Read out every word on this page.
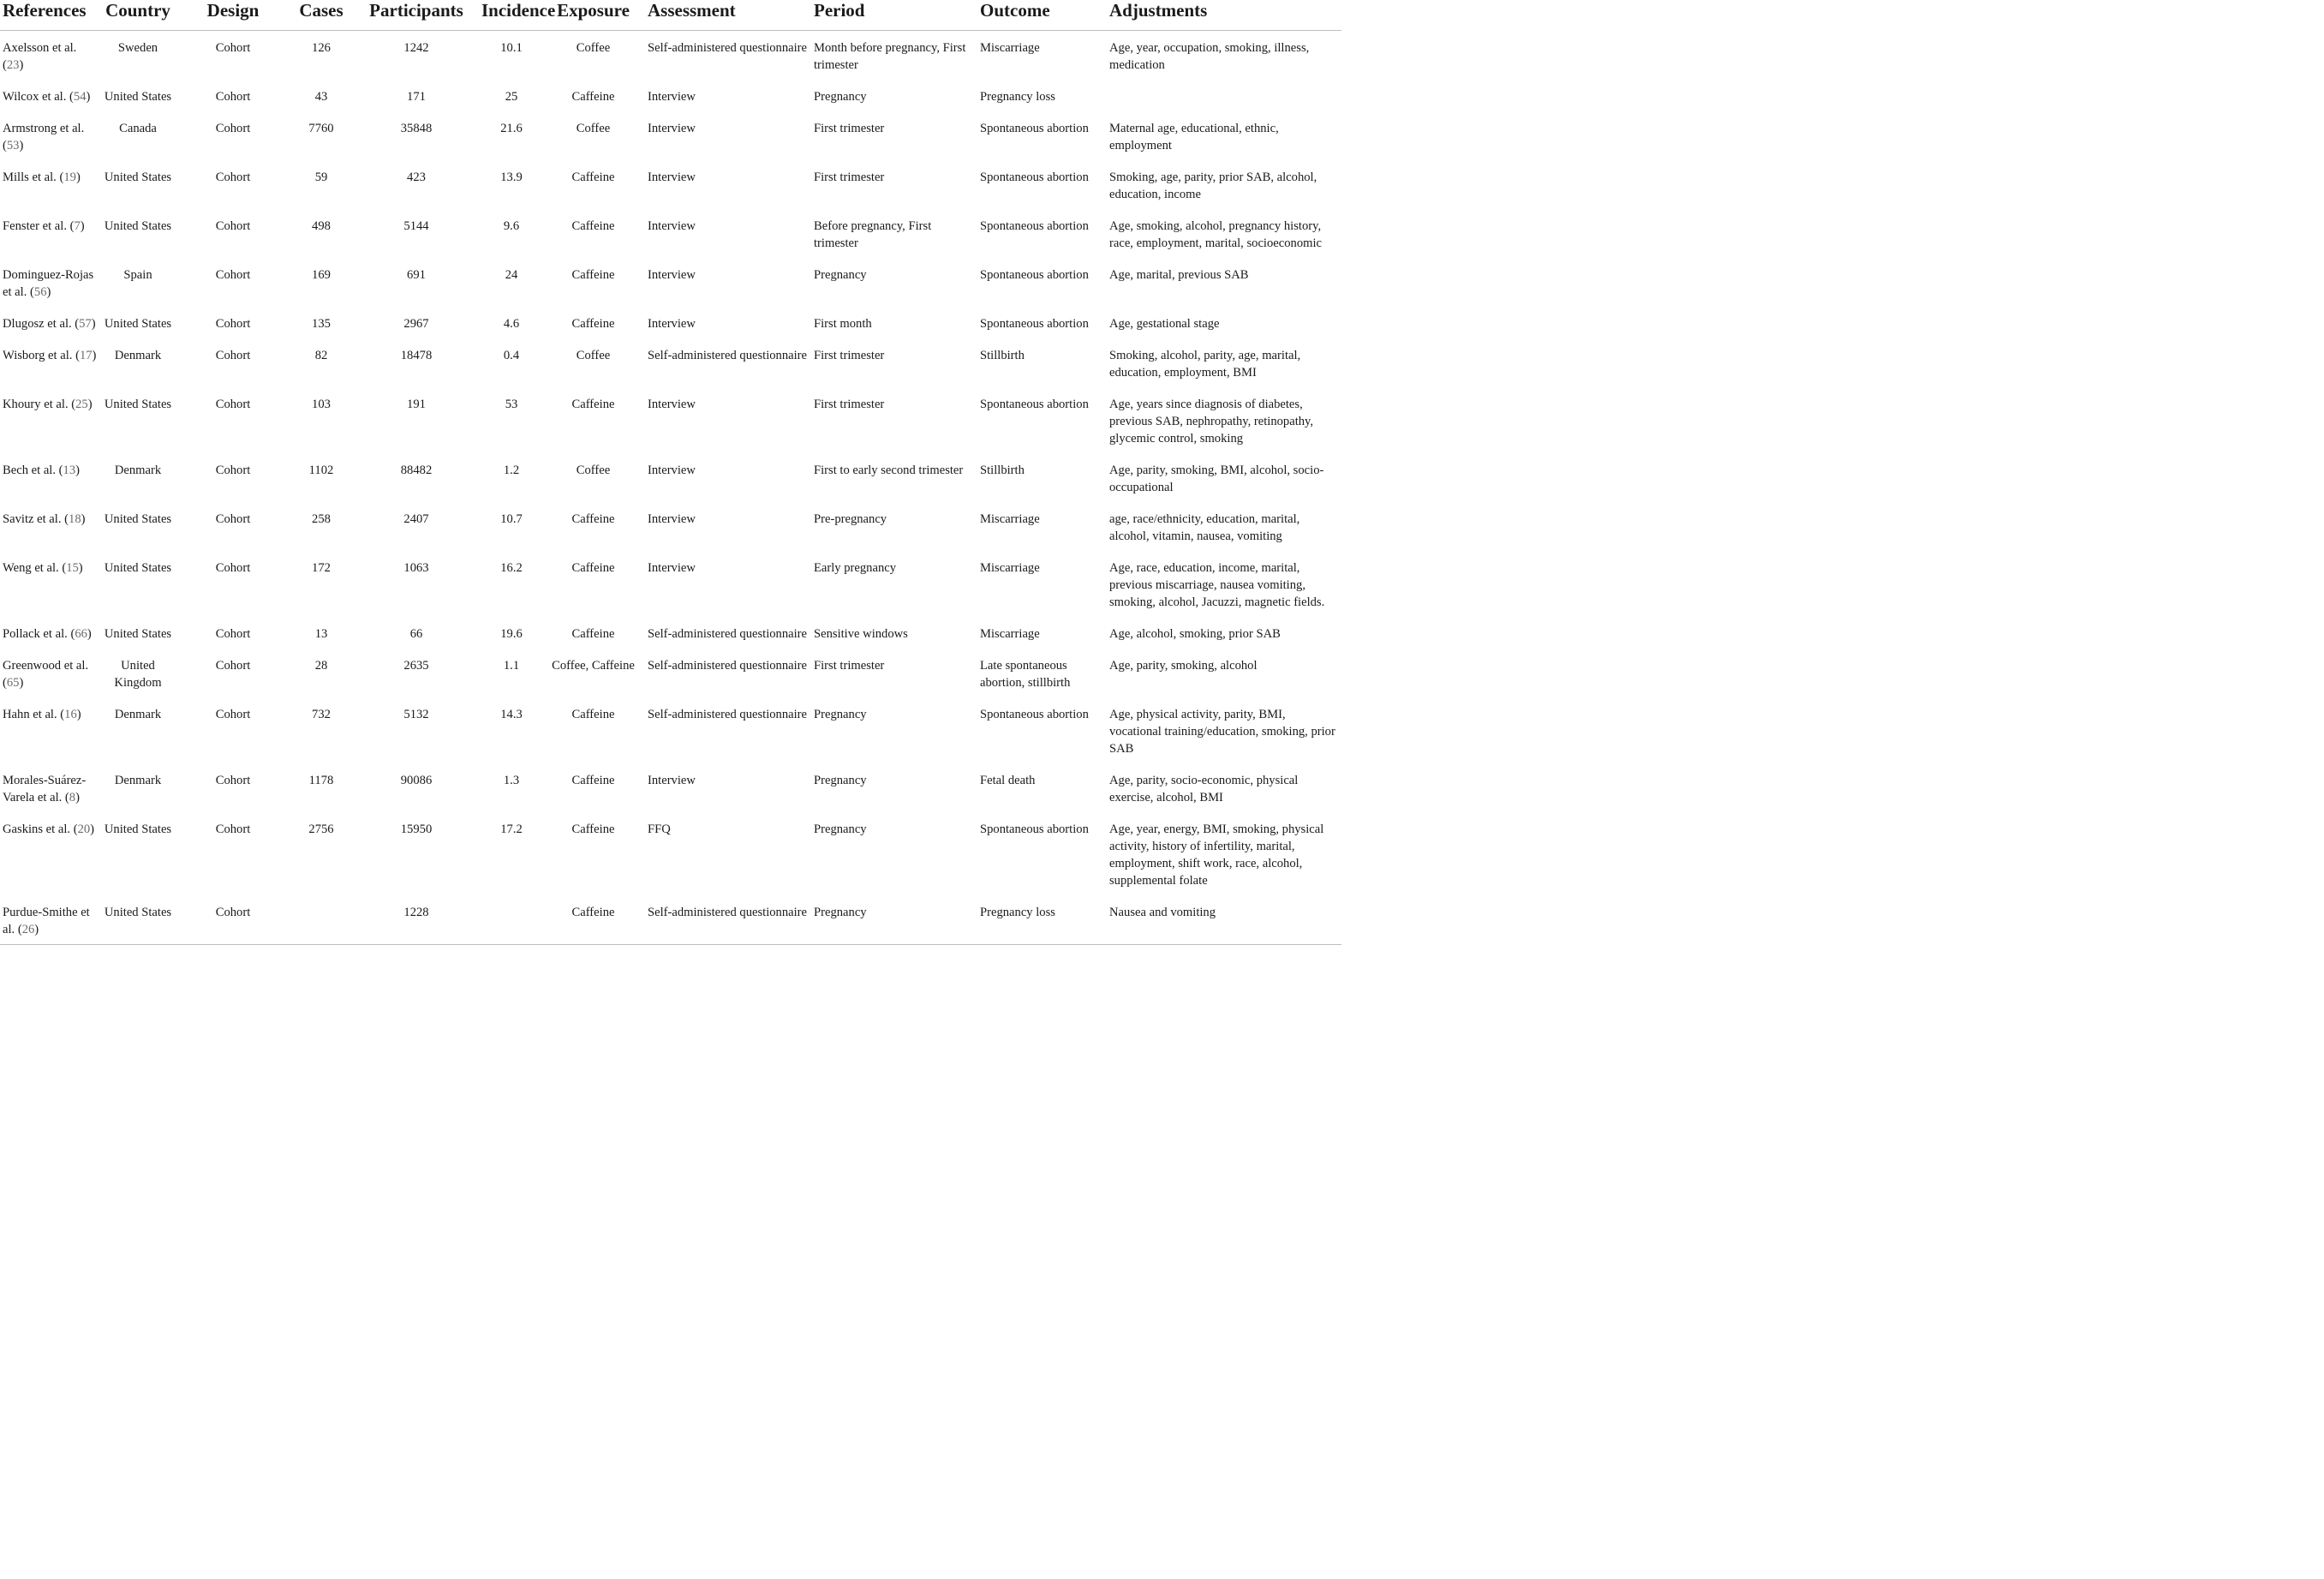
References	Country	Design	Cases	Participants	Incidence	Exposure	Assessment	Period	Outcome	Adjustments
Axelsson et al. (23)	Sweden	Cohort	126	1242	10.1	Coffee	Self-administered questionnaire	Month before pregnancy, First trimester	Miscarriage	Age, year, occupation, smoking, illness, medication
Wilcox et al. (54)	United States	Cohort	43	171	25	Caffeine	Interview	Pregnancy	Pregnancy loss	
Armstrong et al. (53)	Canada	Cohort	7760	35848	21.6	Coffee	Interview	First trimester	Spontaneous abortion	Maternal age, educational, ethnic, employment
Mills et al. (19)	United States	Cohort	59	423	13.9	Caffeine	Interview	First trimester	Spontaneous abortion	Smoking, age, parity, prior SAB, alcohol, education, income
Fenster et al. (7)	United States	Cohort	498	5144	9.6	Caffeine	Interview	Before pregnancy, First trimester	Spontaneous abortion	Age, smoking, alcohol, pregnancy history, race, employment, marital, socioeconomic
Dominguez-Rojas et al. (56)	Spain	Cohort	169	691	24	Caffeine	Interview	Pregnancy	Spontaneous abortion	Age, marital, previous SAB
Dlugosz et al. (57)	United States	Cohort	135	2967	4.6	Caffeine	Interview	First month	Spontaneous abortion	Age, gestational stage
Wisborg et al. (17)	Denmark	Cohort	82	18478	0.4	Coffee	Self-administered questionnaire	First trimester	Stillbirth	Smoking, alcohol, parity, age, marital, education, employment, BMI
Khoury et al. (25)	United States	Cohort	103	191	53	Caffeine	Interview	First trimester	Spontaneous abortion	Age, years since diagnosis of diabetes, previous SAB, nephropathy, retinopathy, glycemic control, smoking
Bech et al. (13)	Denmark	Cohort	1102	88482	1.2	Coffee	Interview	First to early second trimester	Stillbirth	Age, parity, smoking, BMI, alcohol, socio-occupational
Savitz et al. (18)	United States	Cohort	258	2407	10.7	Caffeine	Interview	Pre-pregnancy	Miscarriage	age, race/ethnicity, education, marital, alcohol, vitamin, nausea, vomiting
Weng et al. (15)	United States	Cohort	172	1063	16.2	Caffeine	Interview	Early pregnancy	Miscarriage	Age, race, education, income, marital, previous miscarriage, nausea vomiting, smoking, alcohol, Jacuzzi, magnetic fields.
Pollack et al. (66)	United States	Cohort	13	66	19.6	Caffeine	Self-administered questionnaire	Sensitive windows	Miscarriage	Age, alcohol, smoking, prior SAB
Greenwood et al. (65)	United Kingdom	Cohort	28	2635	1.1	Coffee, Caffeine	Self-administered questionnaire	First trimester	Late spontaneous abortion, stillbirth	Age, parity, smoking, alcohol
Hahn et al. (16)	Denmark	Cohort	732	5132	14.3	Caffeine	Self-administered questionnaire	Pregnancy	Spontaneous abortion	Age, physical activity, parity, BMI, vocational training/education, smoking, prior SAB
Morales-Suárez-Varela et al. (8)	Denmark	Cohort	1178	90086	1.3	Caffeine	Interview	Pregnancy	Fetal death	Age, parity, socio-economic, physical exercise, alcohol, BMI
Gaskins et al. (20)	United States	Cohort	2756	15950	17.2	Caffeine	FFQ	Pregnancy	Spontaneous abortion	Age, year, energy, BMI, smoking, physical activity, history of infertility, marital, employment, shift work, race, alcohol, supplemental folate
Purdue-Smithe et al. (26)	United States	Cohort		1228		Caffeine	Self-administered questionnaire	Pregnancy	Pregnancy loss	Nausea and vomiting
